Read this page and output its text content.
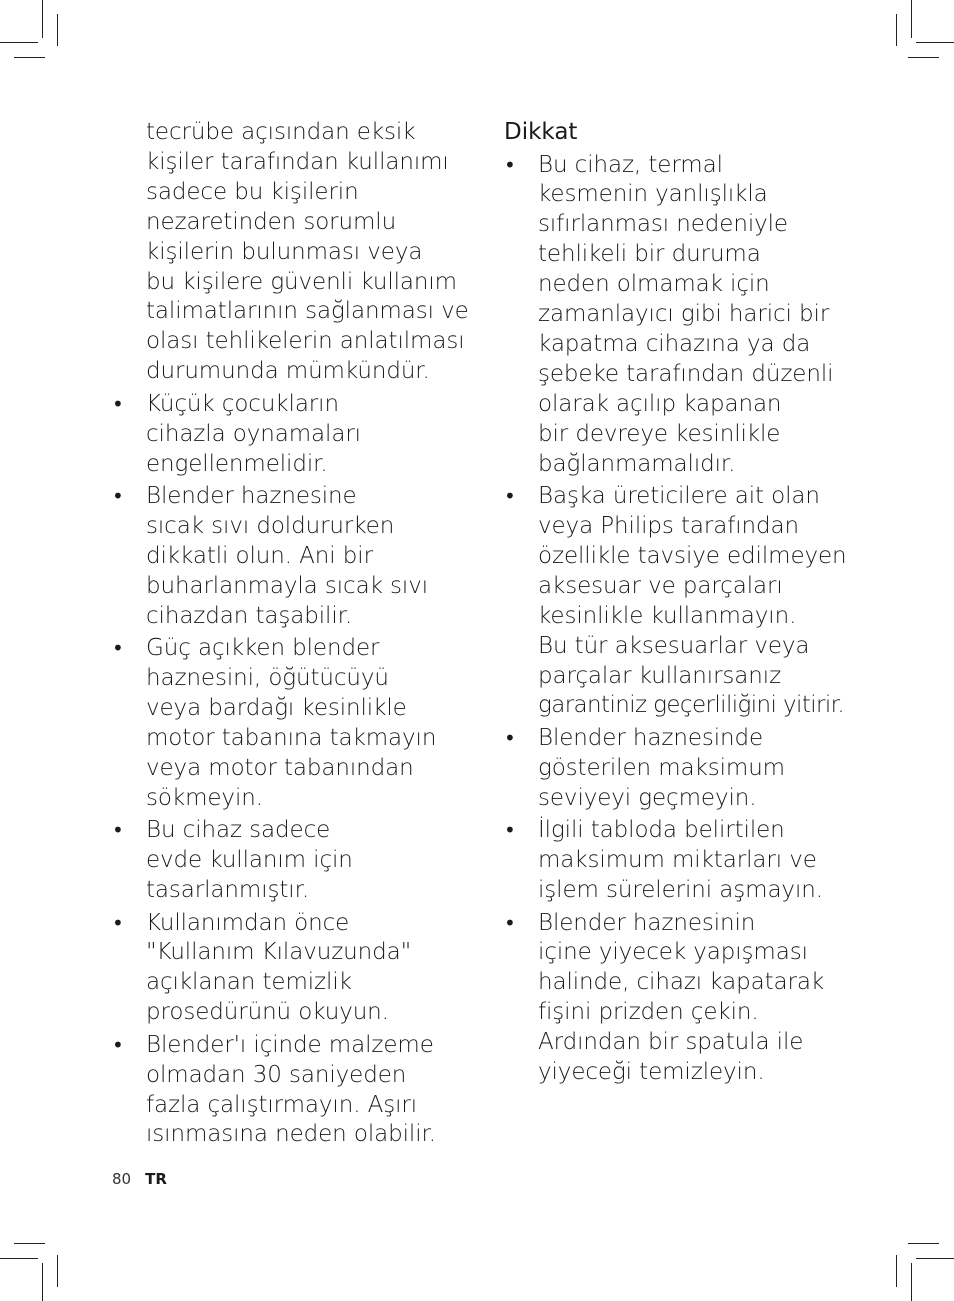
tecrübe açısından eksik
kişiler tarafından kullanımı
sadece bu kişilerin
nezaretinden sorumlu
kişilerin bulunması veya
bu kişilere güvenli kullanım
talimatlarının sağlanması ve
olası tehlikelerin anlatılması
durumunda mümkündür.
• Küçük çocukların
cihazla oynamaları
engellenmelidir.
• Blender haznesine
sıcak sıvı doldururken
dikkatli olun. Ani bir
buharlanmayla sıcak sıvı
cihazdan taşabilir.
• Güç açıkken blender
haznesini, öğütücüyü
veya bardağı kesinlikle
motor tabanına takmayın
veya motor tabanından
sökmeyin.
• Bu cihaz sadece
evde kullanım için
tasarlanmıştır.
• Kullanımdan önce
"Kullanım Kılavuzunda"
açıklanan temizlik
prosedürünü okuyun.
• Blender'ı içinde malzeme
olmadan 30 saniyeden
fazla çalıştırmayın. Aşırı
ısınmasına neden olabilir.
Dikkat
• Bu cihaz, termal
kesmenin yanlışlıkla
sıfırlanması nedeniyle
tehlikeli bir duruma
neden olmamak için
zamanlayıcı gibi harici bir
kapatma cihazına ya da
şebeke tarafından düzenli
olarak açılıp kapanan
bir devreye kesinlikle
bağlanmamalıdır.
• Başka üreticilere ait olan
veya Philips tarafından
özellikle tavsiye edilmeyen
aksesuar ve parçaları
kesinlikle kullanmayın.
Bu tür aksesuarlar veya
parçalar kullanırsanız
garantiniz geçerliliğini yitirir.
• Blender haznesinde
gösterilen maksimum
seviyeyi geçmeyin.
• İlgili tabloda belirtilen
maksimum miktarları ve
işlem sürelerini aşmayın.
• Blender haznesinin
içine yiyecek yapışması
halinde, cihazı kapatarak
fişini prizden çekin.
Ardından bir spatula ile
yiyeceği temizleyin.
80 TR
